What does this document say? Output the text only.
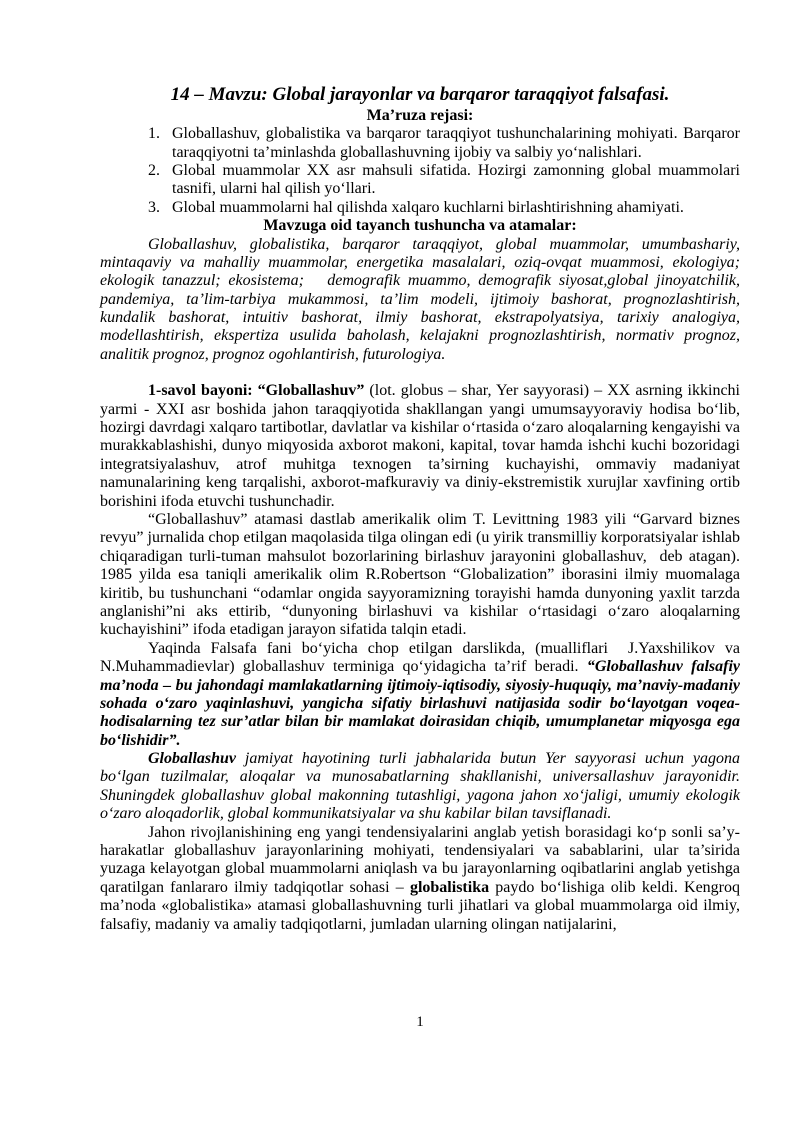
14 – Mavzu: Global jarayonlar va barqaror taraqqiyot falsafasi.

Ma’ruza rejasi:

1. Globallashuv, globalistika va barqaror taraqqiyot tushunchalarining mohiyati. Barqaror taraqqiyotni ta’minlashda globallashuvning ijobiy va salbiy yo‘nalishlari.
2. Global muammolar XX asr mahsuli sifatida. Hozirgi zamonning global muammolari tasnifi, ularni hal qilish yo‘llari.
3. Global muammolarni hal qilishda xalqaro kuchlarni birlashtirishning ahamiyati.

Mavzuga oid tayanch tushuncha va atamalar:

Globallashuv, globalistika, barqaror taraqqiyot, global muammolar, umumbashariy, mintaqaviy va mahalliy muammolar, energetika masalalari, oziq-ovqat muammosi, ekologiya; ekologik tanazzul; ekosistema;   demografik muammo, demografik siyosat,global jinoyatchilik, pandemiya, ta’lim-tarbiya mukammosi, ta’lim modeli, ijtimoiy bashorat, prognozlashtirish, kundalik bashorat, intuitiv bashorat, ilmiy bashorat, ekstrapolyatsiya, tarixiy analogiya, modellashtirish, ekspertiza usulida baholash, kelajakni prognozlashtirish, normativ prognoz, analitik prognoz, prognoz ogohlantirish, futurologiya.

1-savol bayoni: “Globallashuv” (lot. globus – shar, Yer sayyorasi) – XX asrning ikkinchi yarmi - XXI asr boshida jahon taraqqiyotida shakllangan yangi umumsayyoraviy hodisa bo‘lib, hozirgi davrdagi xalqaro tartibotlar, davlatlar va kishilar o‘rtasida o‘zaro aloqalarning kengayishi va murakkablashishi, dunyo miqyosida axborot makoni, kapital, tovar hamda ishchi kuchi bozoridagi integratsiyalashuv, atrof muhitga texnogen ta’sirning kuchayishi, ommaviy madaniyat namunalarining keng tarqalishi, axborot-mafkuraviy va diniy-ekstremistik xurujlar xavfining ortib borishini ifoda etuvchi tushunchadir.

“Globallashuv” atamasi dastlab amerikalik olim T. Levittning 1983 yili “Garvard biznes revyu” jurnalida chop etilgan maqolasida tilga olingan edi (u yirik transmilliy korporatsiyalar ishlab chiqaradigan turli-tuman mahsulot bozorlarining birlashuv jarayonini globallashuv,  deb atagan). 1985 yilda esa taniqli amerikalik olim R.Robertson “Globalization” iborasini ilmiy muomalaga kiritib, bu tushunchani “odamlar ongida sayyoramizning torayishi hamda dunyoning yaxlit tarzda anglanishi”ni aks ettirib, “dunyoning birlashuvi va kishilar o‘rtasidagi o‘zaro aloqalarning kuchayishini” ifoda etadigan jarayon sifatida talqin etadi.

Yaqinda Falsafa fani bo‘yicha chop etilgan darslikda, (mualliflari  J.Yaxshilikov va N.Muhammadievlar) globallashuv terminiga qo‘yidagicha ta’rif beradi. “Globallashuv falsafiy ma’noda – bu jahondagi mamlakatlarning ijtimoiy-iqtisodiy, siyosiy-huquqiy, ma’naviy-madaniy sohada o‘zaro yaqinlashuvi, yangicha sifatiy birlashuvi natijasida sodir bo‘layotgan voqea-hodisalarning tez sur’atlar bilan bir mamlakat doirasidan chiqib, umumplanetar miqyosga ega bo‘lishidir”.

Globallashuv jamiyat hayotining turli jabhalarida butun Yer sayyorasi uchun yagona bo‘lgan tuzilmalar, aloqalar va munosabatlarning shakllanishi, universallashuv jarayonidir. Shuningdek globallashuv global makonning tutashligi, yagona jahon xo‘jaligi, umumiy ekologik o‘zaro aloqadorlik, global kommunikatsiyalar va shu kabilar bilan tavsiflanadi.

Jahon rivojlanishining eng yangi tendensiyalarini anglab yetish borasidagi ko‘p sonli sa’y-harakatlar globallashuv jarayonlarining mohiyati, tendensiyalari va sabablarini, ular ta’sirida yuzaga kelayotgan global muammolarni aniqlash va bu jarayonlarning oqibatlarini anglab yetishga qaratilgan fanlararo ilmiy tadqiqotlar sohasi – globalistika paydo bo‘lishiga olib keldi. Kengroq ma’noda «globalistika» atamasi globallashuvning turli jihatlari va global muammolarga oid ilmiy, falsafiy, madaniy va amaliy tadqiqotlarni, jumladan ularning olingan natijalarini,

1
